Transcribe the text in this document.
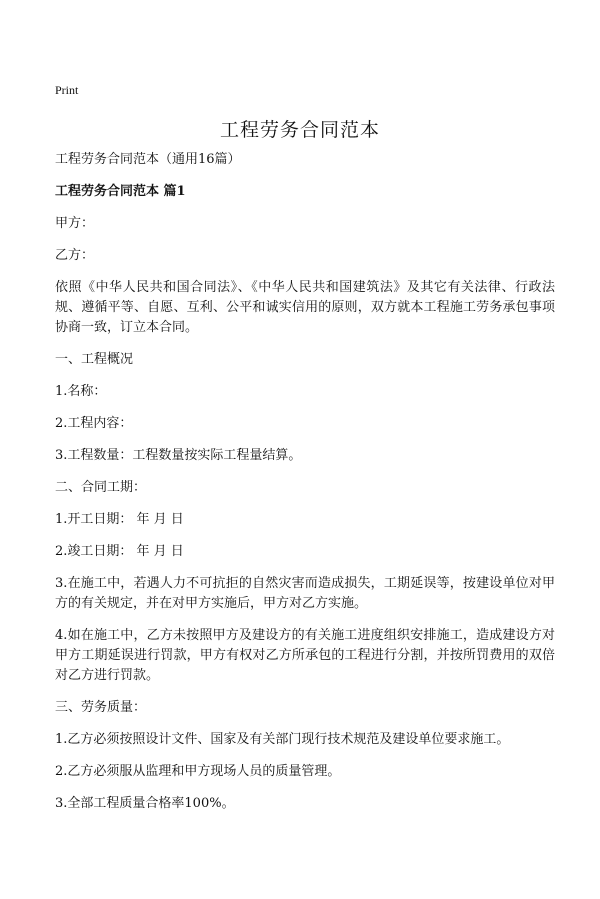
Print
工程劳务合同范本

工程劳务合同范本（通用16篇）

工程劳务合同范本 篇1

甲方：

乙方：

依照《中华人民共和国合同法》、《中华人民共和国建筑法》及其它有关法律、行政法规、遵循平等、自愿、互利、公平和诚实信用的原则，双方就本工程施工劳务承包事项协商一致，订立本合同。

一、工程概况

1.名称：

2.工程内容：

3.工程数量：工程数量按实际工程量结算。

二、合同工期：

1.开工日期： 年 月 日

2.竣工日期： 年 月 日

3.在施工中，若遇人力不可抗拒的自然灾害而造成损失，工期延误等，按建设单位对甲方的有关规定，并在对甲方实施后，甲方对乙方实施。

4.如在施工中，乙方未按照甲方及建设方的有关施工进度组织安排施工，造成建设方对甲方工期延误进行罚款，甲方有权对乙方所承包的工程进行分割，并按所罚费用的双倍对乙方进行罚款。

三、劳务质量：

1.乙方必须按照设计文件、国家及有关部门现行技术规范及建设单位要求施工。

2.乙方必须服从监理和甲方现场人员的质量管理。

3.全部工程质量合格率100%。
